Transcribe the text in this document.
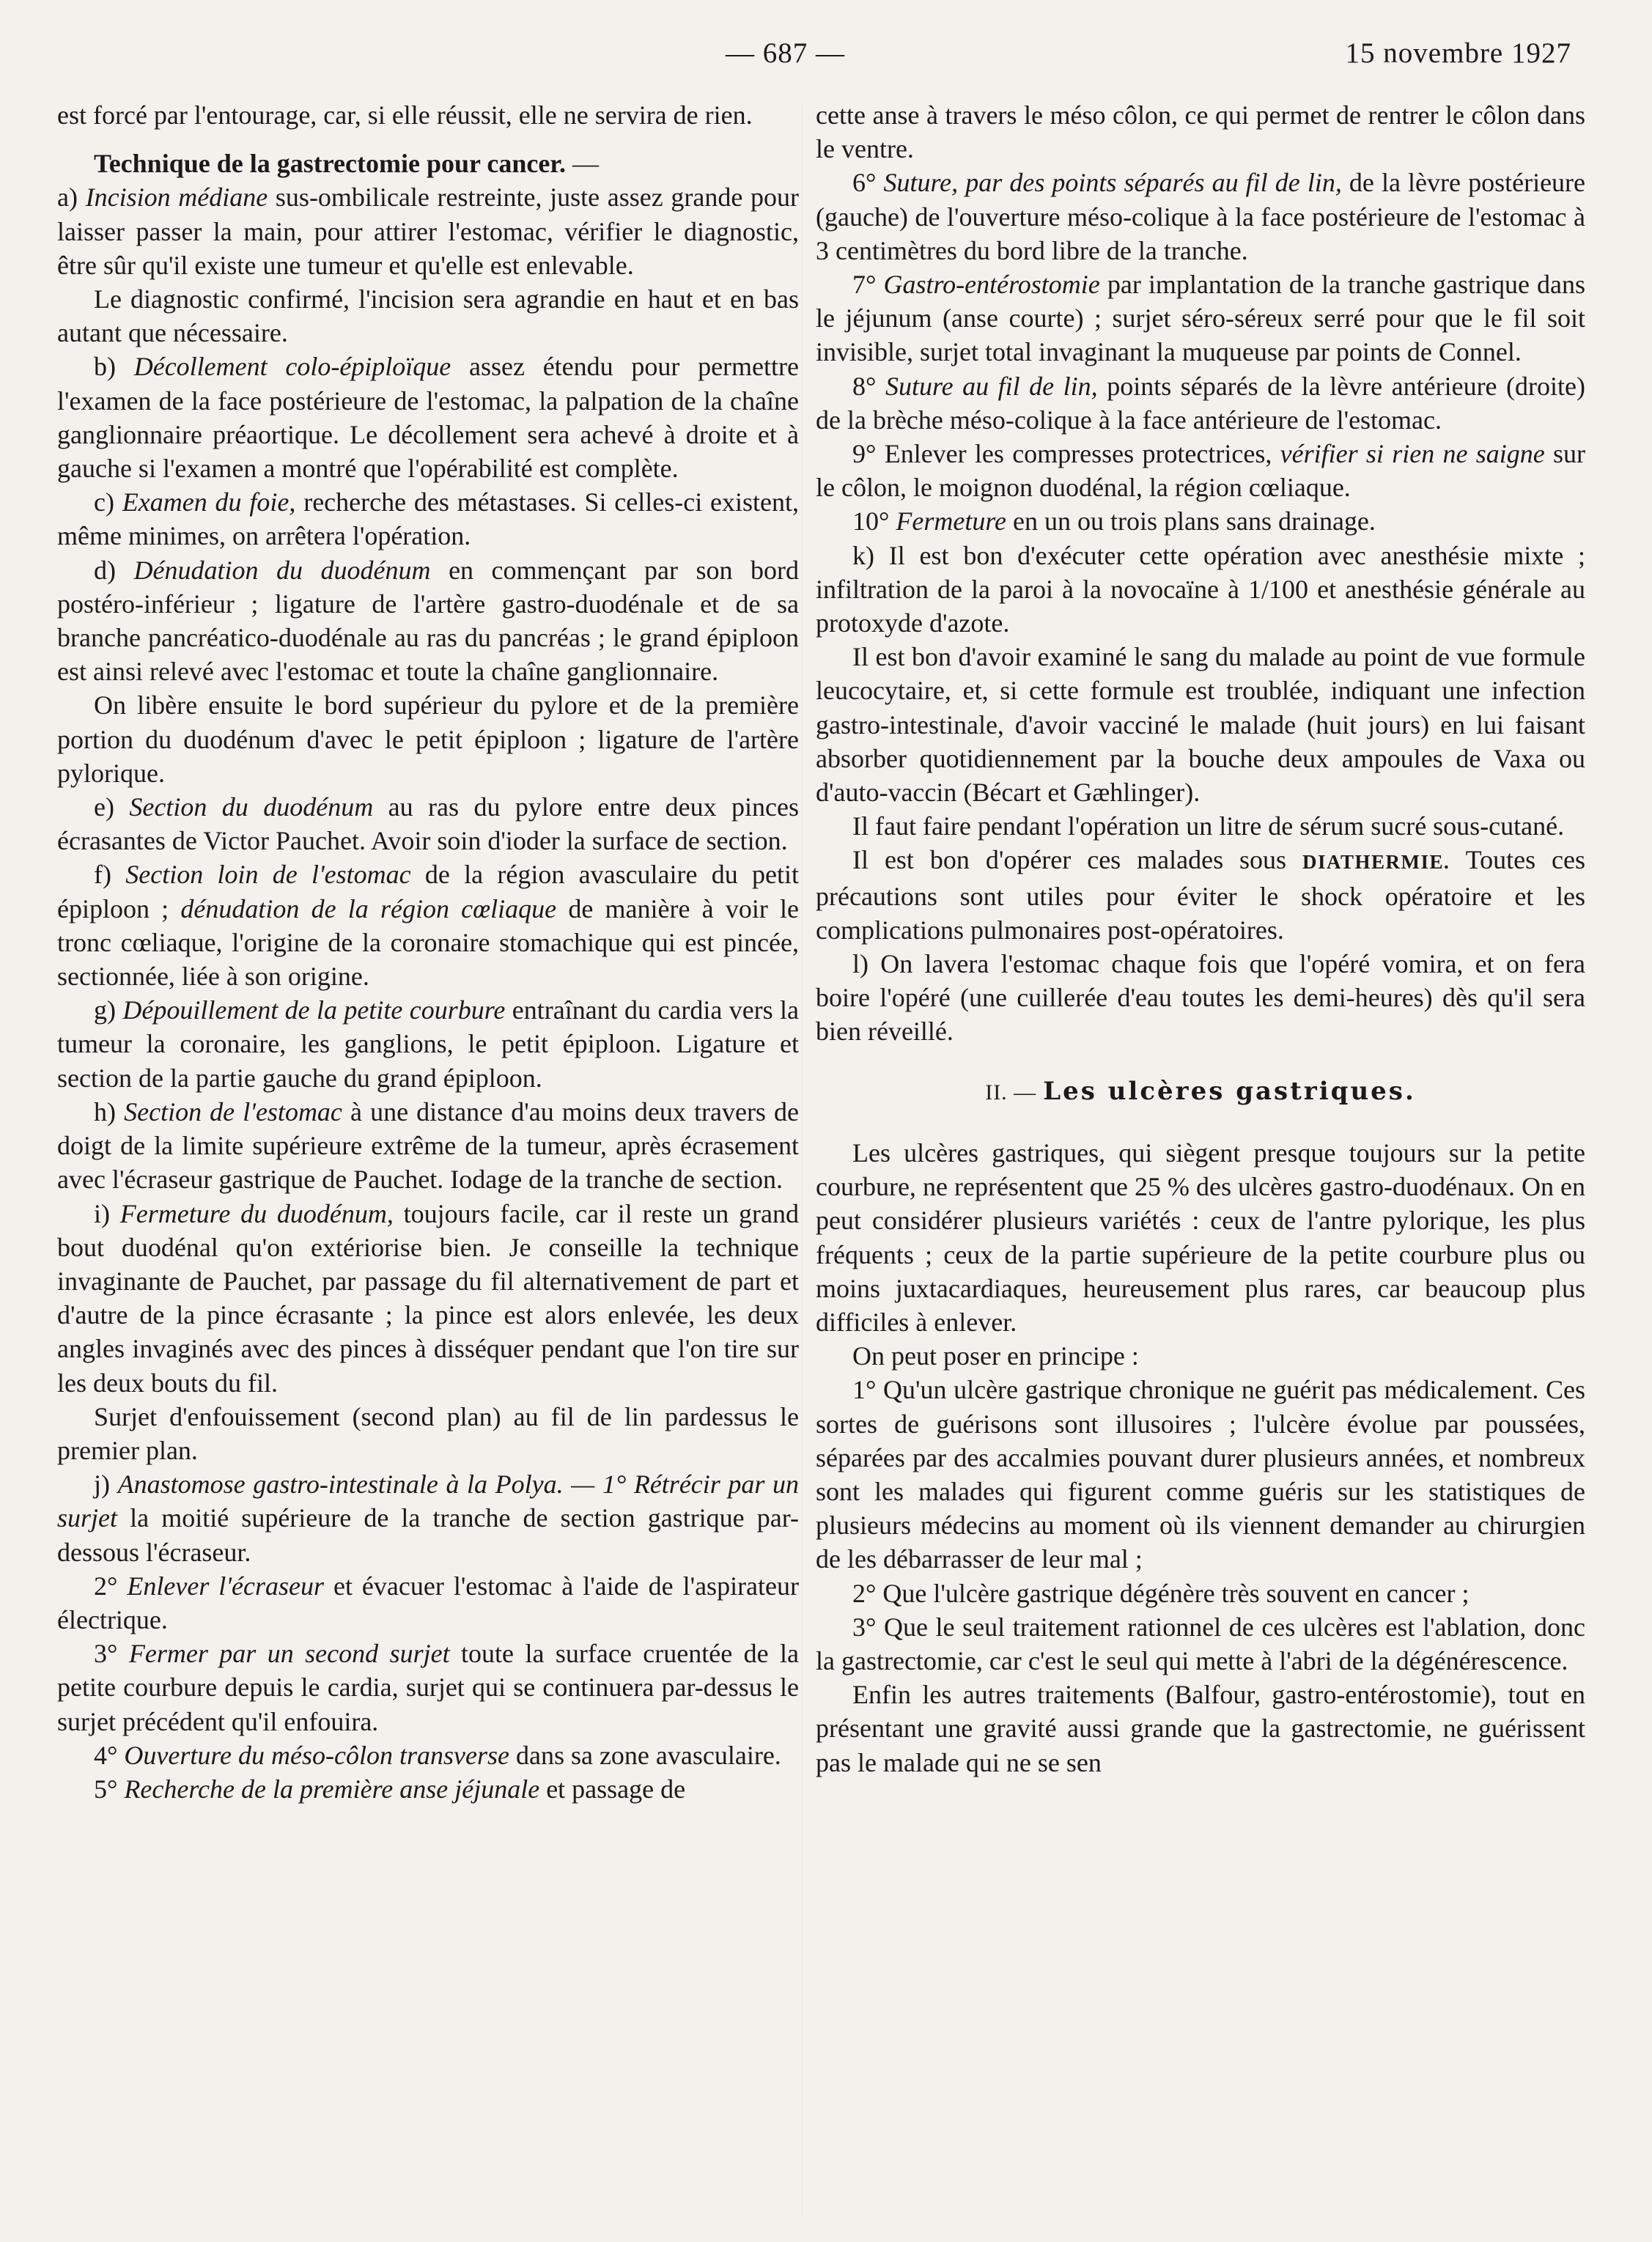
— 687 —	15 novembre 1927

est forcé par l'entourage, car, si elle réussit, elle ne servira de rien.

Technique de la gastrectomie pour cancer. —

a) Incision médiane sus-ombilicale restreinte, juste assez grande pour laisser passer la main, pour attirer l'estomac, vérifier le diagnostic, être sûr qu'il existe une tumeur et qu'elle est enlevable.

Le diagnostic confirmé, l'incision sera agrandie en haut et en bas autant que nécessaire.

b) Décollement colo-épiploïque assez étendu pour permettre l'examen de la face postérieure de l'estomac, la palpation de la chaîne ganglionnaire préaortique. Le décollement sera achevé à droite et à gauche si l'examen a montré que l'opérabilité est complète.

c) Examen du foie, recherche des métastases. Si celles-ci existent, même minimes, on arrêtera l'opération.

d) Dénudation du duodénum en commençant par son bord postéro-inférieur ; ligature de l'artère gastro-duodénale et de sa branche pancréatico-duodénale au ras du pancréas ; le grand épiploon est ainsi relevé avec l'estomac et toute la chaîne ganglionnaire.

On libère ensuite le bord supérieur du pylore et de la première portion du duodénum d'avec le petit épiploon ; ligature de l'artère pylorique.

e) Section du duodénum au ras du pylore entre deux pinces écrasantes de Victor Pauchet. Avoir soin d'ioder la surface de section.

f) Section loin de l'estomac de la région avasculaire du petit épiploon ; dénudation de la région cœliaque de manière à voir le tronc cœliaque, l'origine de la coronaire stomachique qui est pincée, sectionnée, liée à son origine.

g) Dépouillement de la petite courbure entraînant du cardia vers la tumeur la coronaire, les ganglions, le petit épiploon. Ligature et section de la partie gauche du grand épiploon.

h) Section de l'estomac à une distance d'au moins deux travers de doigt de la limite supérieure extrême de la tumeur, après écrasement avec l'écraseur gastrique de Pauchet. Iodage de la tranche de section.

i) Fermeture du duodénum, toujours facile, car il reste un grand bout duodénal qu'on extériorise bien. Je conseille la technique invaginante de Pauchet, par passage du fil alternativement de part et d'autre de la pince écrasante ; la pince est alors enlevée, les deux angles invaginés avec des pinces à disséquer pendant que l'on tire sur les deux bouts du fil.

Surjet d'enfouissement (second plan) au fil de lin pardessus le premier plan.

j) Anastomose gastro-intestinale à la Polya. — 1° Rétrécir par un surjet la moitié supérieure de la tranche de section gastrique par-dessous l'écraseur.

2° Enlever l'écraseur et évacuer l'estomac à l'aide de l'aspirateur électrique.

3° Fermer par un second surjet toute la surface cruentée de la petite courbure depuis le cardia, surjet qui se continuera par-dessus le surjet précédent qu'il enfouira.

4° Ouverture du méso-côlon transverse dans sa zone avasculaire.

5° Recherche de la première anse jéjunale et passage de

cette anse à travers le méso côlon, ce qui permet de rentrer le côlon dans le ventre.

6° Suture, par des points séparés au fil de lin, de la lèvre postérieure (gauche) de l'ouverture méso-colique à la face postérieure de l'estomac à 3 centimètres du bord libre de la tranche.

7° Gastro-entérostomie par implantation de la tranche gastrique dans le jéjunum (anse courte) ; surjet séro-séreux serré pour que le fil soit invisible, surjet total invaginant la muqueuse par points de Connel.

8° Suture au fil de lin, points séparés de la lèvre antérieure (droite) de la brèche méso-colique à la face antérieure de l'estomac.

9° Enlever les compresses protectrices, vérifier si rien ne saigne sur le côlon, le moignon duodénal, la région cœliaque.

10° Fermeture en un ou trois plans sans drainage.

k) Il est bon d'exécuter cette opération avec anesthésie mixte ; infiltration de la paroi à la novocaïne à 1/100 et anesthésie générale au protoxyde d'azote.

Il est bon d'avoir examiné le sang du malade au point de vue formule leucocytaire, et, si cette formule est troublée, indiquant une infection gastro-intestinale, d'avoir vacciné le malade (huit jours) en lui faisant absorber quotidiennement par la bouche deux ampoules de Vaxa ou d'auto-vaccin (Bécart et Gæhlinger).

Il faut faire pendant l'opération un litre de sérum sucré sous-cutané.

Il est bon d'opérer ces malades sous DIATHERMIE. Toutes ces précautions sont utiles pour éviter le shock opératoire et les complications pulmonaires post-opératoires.

l) On lavera l'estomac chaque fois que l'opéré vomira, et on fera boire l'opéré (une cuillerée d'eau toutes les demi-heures) dès qu'il sera bien réveillé.

II. — Les ulcères gastriques.

Les ulcères gastriques, qui siègent presque toujours sur la petite courbure, ne représentent que 25 % des ulcères gastro-duodénaux. On en peut considérer plusieurs variétés : ceux de l'antre pylorique, les plus fréquents ; ceux de la partie supérieure de la petite courbure plus ou moins juxtacardiaques, heureusement plus rares, car beaucoup plus difficiles à enlever.

On peut poser en principe :

1° Qu'un ulcère gastrique chronique ne guérit pas médicalement. Ces sortes de guérisons sont illusoires ; l'ulcère évolue par poussées, séparées par des accalmies pouvant durer plusieurs années, et nombreux sont les malades qui figurent comme guéris sur les statistiques de plusieurs médecins au moment où ils viennent demander au chirurgien de les débarrasser de leur mal ;

2° Que l'ulcère gastrique dégénère très souvent en cancer ;

3° Que le seul traitement rationnel de ces ulcères est l'ablation, donc la gastrectomie, car c'est le seul qui mette à l'abri de la dégénérescence.

Enfin les autres traitements (Balfour, gastro-entérostomie), tout en présentant une gravité aussi grande que la gastrectomie, ne guérissent pas le malade qui ne se sen
